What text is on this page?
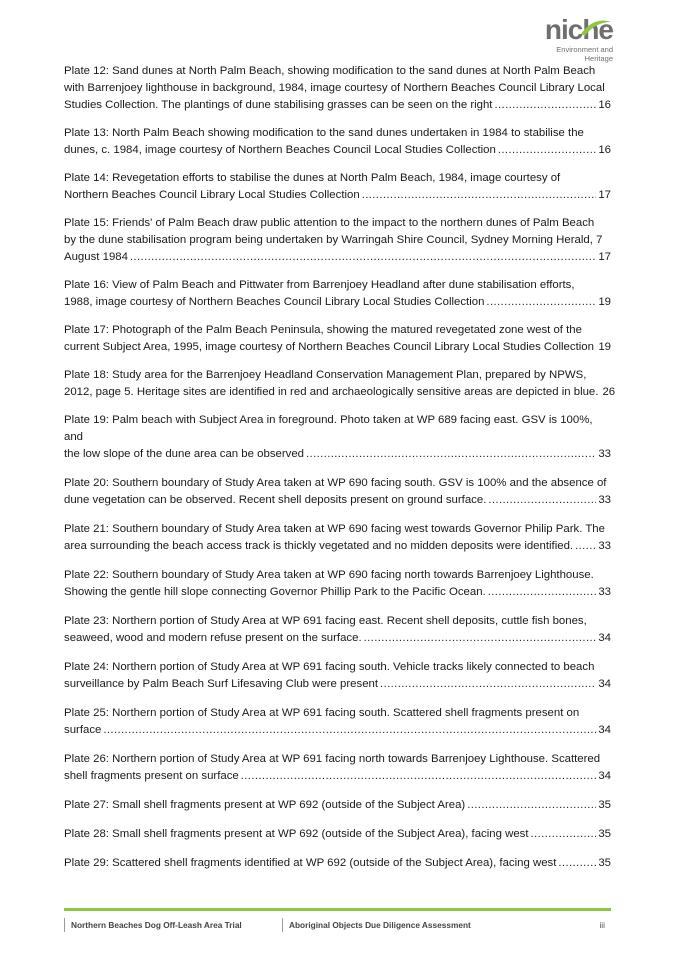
niche
Environment and Heritage
Plate 12: Sand dunes at North Palm Beach, showing modification to the sand dunes at North Palm Beach
with Barrenjoey lighthouse in background, 1984, image courtesy of Northern Beaches Council Library Local
Studies Collection. The plantings of dune stabilising grasses can be seen on the right . . .	16
Plate 13: North Palm Beach showing modification to the sand dunes undertaken in 1984 to stabilise the
dunes, c. 1984, image courtesy of Northern Beaches Council Local Studies Collection . . .	16
Plate 14: Revegetation efforts to stabilise the dunes at North Palm Beach, 1984, image courtesy of
Northern Beaches Council Library Local Studies Collection . . .	17
Plate 15: Friends' of Palm Beach draw public attention to the impact to the northern dunes of Palm Beach
by the dune stabilisation program being undertaken by Warringah Shire Council, Sydney Morning Herald, 7
August 1984 . . .	17
Plate 16: View of Palm Beach and Pittwater from Barrenjoey Headland after dune stabilisation efforts,
1988, image courtesy of Northern Beaches Council Library Local Studies Collection . . .	19
Plate 17: Photograph of the Palm Beach Peninsula, showing the matured revegetated zone west of the
current Subject Area, 1995, image courtesy of Northern Beaches Council Library Local Studies Collection 19
Plate 18: Study area for the Barrenjoey Headland Conservation Management Plan, prepared by NPWS,
2012, page 5. Heritage sites are identified in red and archaeologically sensitive areas are depicted in blue. 26
Plate 19: Palm beach with Subject Area in foreground. Photo taken at WP 689 facing east. GSV is 100%, and
the low slope of the dune area can be observed . . .	33
Plate 20: Southern boundary of Study Area taken at WP 690 facing south. GSV is 100% and the absence of
dune vegetation can be observed. Recent shell deposits present on ground surface. . . .	33
Plate 21: Southern boundary of Study Area taken at WP 690 facing west towards Governor Philip Park. The
area surrounding the beach access track is thickly vegetated and no midden deposits were identified. . . . 33
Plate 22: Southern boundary of Study Area taken at WP 690 facing north towards Barrenjoey Lighthouse.
Showing the gentle hill slope connecting Governor Phillip Park to the Pacific Ocean. . . .	33
Plate 23: Northern portion of Study Area at WP 691 facing east. Recent shell deposits, cuttle fish bones,
seaweed, wood and modern refuse present on the surface. . . .	34
Plate 24: Northern portion of Study Area at WP 691 facing south. Vehicle tracks likely connected to beach
surveillance by Palm Beach Surf Lifesaving Club were present . . .	34
Plate 25: Northern portion of Study Area at WP 691 facing south. Scattered shell fragments present on
surface . . .	34
Plate 26: Northern portion of Study Area at WP 691 facing north towards Barrenjoey Lighthouse. Scattered
shell fragments present on surface . . .	34
Plate 27: Small shell fragments present at WP 692 (outside of the Subject Area) . . .	35
Plate 28: Small shell fragments present at WP 692 (outside of the Subject Area), facing west . . .	35
Plate 29: Scattered shell fragments identified at WP 692 (outside of the Subject Area), facing west . . .	35
Northern Beaches Dog Off-Leash Area Trial	Aboriginal Objects Due Diligence Assessment	iii
